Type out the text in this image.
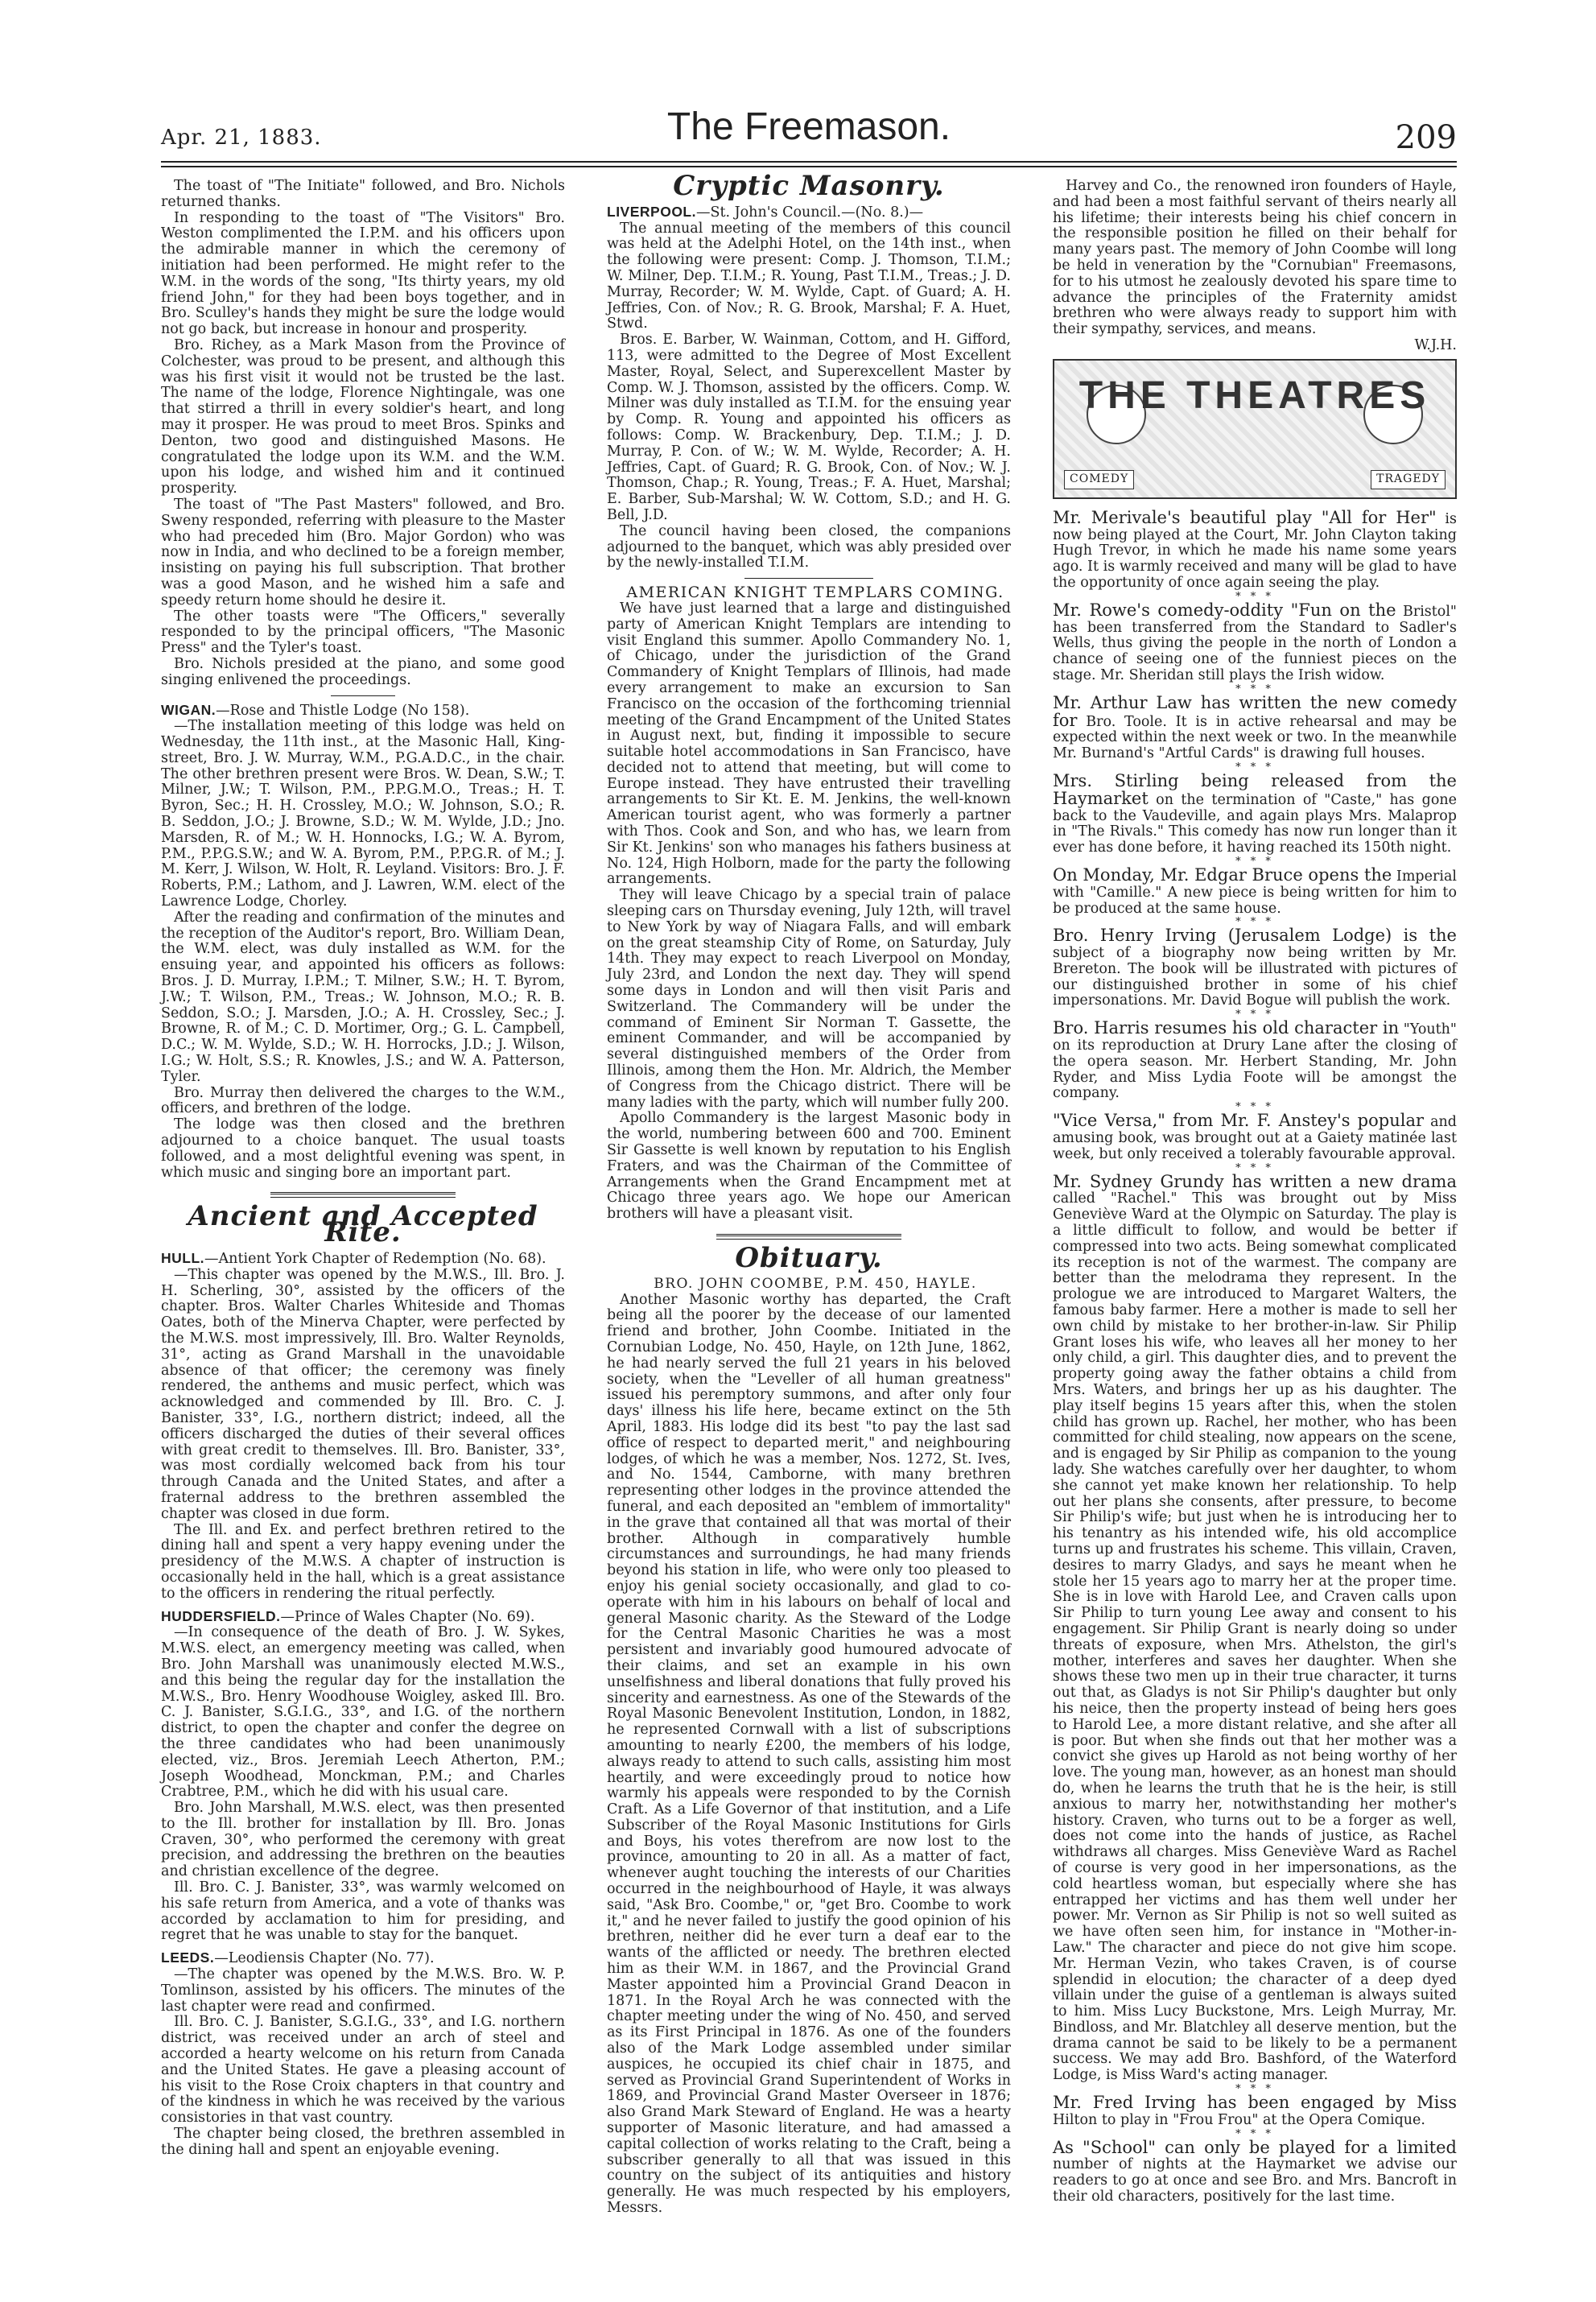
Apr. 21, 1883.	The Freemason.	209

The toast of "The Initiate" followed, and Bro. Nichols returned thanks.

In responding to the toast of "The Visitors" Bro. Weston complimented the I.P.M. and his officers upon the admirable manner in which the ceremony of initiation had been performed. He might refer to the W.M. in the words of the song, "Its thirty years, my old friend John," for they had been boys together, and in Bro. Sculley's hands they might be sure the lodge would not go back, but increase in honour and prosperity.

Bro. Richey, as a Mark Mason from the Province of Colchester, was proud to be present, and although this was his first visit it would not be trusted be the last. The name of the lodge, Florence Nightingale, was one that stirred a thrill in every soldier's heart, and long may it prosper. He was proud to meet Bros. Spinks and Denton, two good and distinguished Masons. He congratulated the lodge upon its W.M. and the W.M. upon his lodge, and wished him and it continued prosperity.

The toast of "The Past Masters" followed, and Bro. Sweny responded, referring with pleasure to the Master who had preceded him (Bro. Major Gordon) who was now in India, and who declined to be a foreign member, insisting on paying his full subscription. That brother was a good Mason, and he wished him a safe and speedy return home should he desire it.

The other toasts were "The Officers," severally responded to by the principal officers, "The Masonic Press" and the Tyler's toast.

Bro. Nichols presided at the piano, and some good singing enlivened the proceedings.

WIGAN.—Rose and Thistle Lodge (No 158).

—The installation meeting of this lodge was held on Wednesday, the 11th inst., at the Masonic Hall, King-street, Bro. J. W. Murray, W.M., P.G.A.D.C., in the chair. The other brethren present were Bros. W. Dean, S.W.; T. Milner, J.W.; T. Wilson, P.M., P.P.G.M.O., Treas.; H. T. Byron, Sec.; H. H. Crossley, M.O.; W. Johnson, S.O.; R. B. Seddon, J.O.; J. Browne, S.D.; W. M. Wylde, J.D.; Jno. Marsden, R. of M.; W. H. Honnocks, I.G.; W. A. Byrom, P.M., P.P.G.S.W.; and W. A. Byrom, P.M., P.P.G.R. of M.; J. M. Kerr, J. Wilson, W. Holt, R. Leyland. Visitors: Bro. J. F. Roberts, P.M.; Lathom, and J. Lawren, W.M. elect of the Lawrence Lodge, Chorley.

After the reading and confirmation of the minutes and the reception of the Auditor's report, Bro. William Dean, the W.M. elect, was duly installed as W.M. for the ensuing year, and appointed his officers as follows: Bros. J. D. Murray, I.P.M.; T. Milner, S.W.; H. T. Byrom, J.W.; T. Wilson, P.M., Treas.; W. Johnson, M.O.; R. B. Seddon, S.O.; J. Marsden, J.O.; A. H. Crossley, Sec.; J. Browne, R. of M.; C. D. Mortimer, Org.; G. L. Campbell, D.C.; W. M. Wylde, S.D.; W. H. Horrocks, J.D.; J. Wilson, I.G.; W. Holt, S.S.; R. Knowles, J.S.; and W. A. Patterson, Tyler.

Bro. Murray then delivered the charges to the W.M., officers, and brethren of the lodge.

The lodge was then closed and the brethren adjourned to a choice banquet. The usual toasts followed, and a most delightful evening was spent, in which music and singing bore an important part.

Ancient and Accepted Rite.

HULL.—Antient York Chapter of Redemption (No. 68).

—This chapter was opened by the M.W.S., Ill. Bro. J. H. Scherling, 30°, assisted by the officers of the chapter. Bros. Walter Charles Whiteside and Thomas Oates, both of the Minerva Chapter, were perfected by the M.W.S. most impressively, Ill. Bro. Walter Reynolds, 31°, acting as Grand Marshall in the unavoidable absence of that officer; the ceremony was finely rendered, the anthems and music perfect, which was acknowledged and commended by Ill. Bro. C. J. Banister, 33°, I.G., northern district; indeed, all the officers discharged the duties of their several offices with great credit to themselves. Ill. Bro. Banister, 33°, was most cordially welcomed back from his tour through Canada and the United States, and after a fraternal address to the brethren assembled the chapter was closed in due form.

The Ill. and Ex. and perfect brethren retired to the dining hall and spent a very happy evening under the presidency of the M.W.S. A chapter of instruction is occasionally held in the hall, which is a great assistance to the officers in rendering the ritual perfectly.

HUDDERSFIELD.—Prince of Wales Chapter (No. 69).

—In consequence of the death of Bro. J. W. Sykes, M.W.S. elect, an emergency meeting was called, when Bro. John Marshall was unanimously elected M.W.S., and this being the regular day for the installation the M.W.S., Bro. Henry Woodhouse Woigley, asked Ill. Bro. C. J. Banister, S.G.I.G., 33°, and I.G. of the northern district, to open the chapter and confer the degree on the three candidates who had been unanimously elected, viz., Bros. Jeremiah Leech Atherton, P.M.; Joseph Woodhead, Monckman, P.M.; and Charles Crabtree, P.M., which he did with his usual care.

Bro. John Marshall, M.W.S. elect, was then presented to the Ill. brother for installation by Ill. Bro. Jonas Craven, 30°, who performed the ceremony with great precision, and addressing the brethren on the beauties and christian excellence of the degree.

Ill. Bro. C. J. Banister, 33°, was warmly welcomed on his safe return from America, and a vote of thanks was accorded by acclamation to him for presiding, and regret that he was unable to stay for the banquet.

LEEDS.—Leodiensis Chapter (No. 77).

—The chapter was opened by the M.W.S. Bro. W. P. Tomlinson, assisted by his officers. The minutes of the last chapter were read and confirmed.

Ill. Bro. C. J. Banister, S.G.I.G., 33°, and I.G. northern district, was received under an arch of steel and accorded a hearty welcome on his return from Canada and the United States. He gave a pleasing account of his visit to the Rose Croix chapters in that country and of the kindness in which he was received by the various consistories in that vast country.

The chapter being closed, the brethren assembled in the dining hall and spent an enjoyable evening.

Cryptic Masonry.

LIVERPOOL.—St. John's Council.—(No. 8.)—

The annual meeting of the members of this council was held at the Adelphi Hotel, on the 14th inst., when the following were present: Comp. J. Thomson, T.I.M.; W. Milner, Dep. T.I.M.; R. Young, Past T.I.M., Treas.; J. D. Murray, Recorder; W. M. Wylde, Capt. of Guard; A. H. Jeffries, Con. of Nov.; R. G. Brook, Marshal; F. A. Huet, Stwd.

Bros. E. Barber, W. Wainman, Cottom, and H. Gifford, 113, were admitted to the Degree of Most Excellent Master, Royal, Select, and Superexcellent Master by Comp. W. J. Thomson, assisted by the officers. Comp. W. Milner was duly installed as T.I.M. for the ensuing year by Comp. R. Young and appointed his officers as follows: Comp. W. Brackenbury, Dep. T.I.M.; J. D. Murray, P. Con. of W.; W. M. Wylde, Recorder; A. H. Jeffries, Capt. of Guard; R. G. Brook, Con. of Nov.; W. J. Thomson, Chap.; R. Young, Treas.; F. A. Huet, Marshal; E. Barber, Sub-Marshal; W. W. Cottom, S.D.; and H. G. Bell, J.D.

The council having been closed, the companions adjourned to the banquet, which was ably presided over by the newly-installed T.I.M.

AMERICAN KNIGHT TEMPLARS COMING.

We have just learned that a large and distinguished party of American Knight Templars are intending to visit England this summer. Apollo Commandery No. 1, of Chicago, under the jurisdiction of the Grand Commandery of Knight Templars of Illinois, had made every arrangement to make an excursion to San Francisco on the occasion of the forthcoming triennial meeting of the Grand Encampment of the United States in August next, but, finding it impossible to secure suitable hotel accommodations in San Francisco, have decided not to attend that meeting, but will come to Europe instead. They have entrusted their travelling arrangements to Sir Kt. E. M. Jenkins, the well-known American tourist agent, who was formerly a partner with Thos. Cook and Son, and who has, we learn from Sir Kt. Jenkins' son who manages his fathers business at No. 124, High Holborn, made for the party the following arrangements.

They will leave Chicago by a special train of palace sleeping cars on Thursday evening, July 12th, will travel to New York by way of Niagara Falls, and will embark on the great steamship City of Rome, on Saturday, July 14th. They may expect to reach Liverpool on Monday, July 23rd, and London the next day. They will spend some days in London and will then visit Paris and Switzerland. The Commandery will be under the command of Eminent Sir Norman T. Gassette, the eminent Commander, and will be accompanied by several distinguished members of the Order from Illinois, among them the Hon. Mr. Aldrich, the Member of Congress from the Chicago district. There will be many ladies with the party, which will number fully 200.

Apollo Commandery is the largest Masonic body in the world, numbering between 600 and 700. Eminent Sir Gassette is well known by reputation to his English Fraters, and was the Chairman of the Committee of Arrangements when the Grand Encampment met at Chicago three years ago. We hope our American brothers will have a pleasant visit.

Obituary.

BRO. JOHN COOMBE, P.M. 450, HAYLE.

Another Masonic worthy has departed, the Craft being all the poorer by the decease of our lamented friend and brother, John Coombe. Initiated in the Cornubian Lodge, No. 450, Hayle, on 12th June, 1862, he had nearly served the full 21 years in his beloved society, when the "Leveller of all human greatness" issued his peremptory summons, and after only four days' illness his life here, became extinct on the 5th April, 1883. His lodge did its best "to pay the last sad office of respect to departed merit," and neighbouring lodges, of which he was a member, Nos. 1272, St. Ives, and No. 1544, Camborne, with many brethren representing other lodges in the province attended the funeral, and each deposited an "emblem of immortality" in the grave that contained all that was mortal of their brother. Although in comparatively humble circumstances and surroundings, he had many friends beyond his station in life, who were only too pleased to enjoy his genial society occasionally, and glad to co-operate with him in his labours on behalf of local and general Masonic charity. As the Steward of the Lodge for the Central Masonic Charities he was a most persistent and invariably good humoured advocate of their claims, and set an example in his own unselfishness and liberal donations that fully proved his sincerity and earnestness. As one of the Stewards of the Royal Masonic Benevolent Institution, London, in 1882, he represented Cornwall with a list of subscriptions amounting to nearly £200, the members of his lodge, always ready to attend to such calls, assisting him most heartily, and were exceedingly proud to notice how warmly his appeals were responded to by the Cornish Craft. As a Life Governor of that institution, and a Life Subscriber of the Royal Masonic Institutions for Girls and Boys, his votes therefrom are now lost to the province, amounting to 20 in all. As a matter of fact, whenever aught touching the interests of our Charities occurred in the neighbourhood of Hayle, it was always said, "Ask Bro. Coombe," or, "get Bro. Coombe to work it," and he never failed to justify the good opinion of his brethren, neither did he ever turn a deaf ear to the wants of the afflicted or needy. The brethren elected him as their W.M. in 1867, and the Provincial Grand Master appointed him a Provincial Grand Deacon in 1871. In the Royal Arch he was connected with the chapter meeting under the wing of No. 450, and served as its First Principal in 1876. As one of the founders also of the Mark Lodge assembled under similar auspices, he occupied its chief chair in 1875, and served as Provincial Grand Superintendent of Works in 1869, and Provincial Grand Master Overseer in 1876; also Grand Mark Steward of England. He was a hearty supporter of Masonic literature, and had amassed a capital collection of works relating to the Craft, being a subscriber generally to all that was issued in this country on the subject of its antiquities and history generally. He was much respected by his employers, Messrs.

Harvey and Co., the renowned iron founders of Hayle, and had been a most faithful servant of theirs nearly all his lifetime; their interests being his chief concern in the responsible position he filled on their behalf for many years past. The memory of John Coombe will long be held in veneration by the "Cornubian" Freemasons, for to his utmost he zealously devoted his spare time to advance the principles of the Fraternity amidst brethren who were always ready to support him with their sympathy, services, and means.

W.J.H.

THE THEATRES
COMEDY	TRAGEDY

Mr. Merivale's beautiful play "All for Her" is now being played at the Court, Mr. John Clayton taking Hugh Trevor, in which he made his name some years ago. It is warmly received and many will be glad to have the opportunity of once again seeing the play.

* * *

Mr. Rowe's comedy-oddity "Fun on the Bristol" has been transferred from the Standard to Sadler's Wells, thus giving the people in the north of London a chance of seeing one of the funniest pieces on the stage. Mr. Sheridan still plays the Irish widow.

* * *

Mr. Arthur Law has written the new comedy for Bro. Toole. It is in active rehearsal and may be expected within the next week or two. In the meanwhile Mr. Burnand's "Artful Cards" is drawing full houses.

* * *

Mrs. Stirling being released from the Haymarket on the termination of "Caste," has gone back to the Vaudeville, and again plays Mrs. Malaprop in "The Rivals." This comedy has now run longer than it ever has done before, it having reached its 150th night.

* * *

On Monday, Mr. Edgar Bruce opens the Imperial with "Camille." A new piece is being written for him to be produced at the same house.

* * *

Bro. Henry Irving (Jerusalem Lodge) is the subject of a biography now being written by Mr. Brereton. The book will be illustrated with pictures of our distinguished brother in some of his chief impersonations. Mr. David Bogue will publish the work.

* * *

Bro. Harris resumes his old character in "Youth" on its reproduction at Drury Lane after the closing of the opera season. Mr. Herbert Standing, Mr. John Ryder, and Miss Lydia Foote will be amongst the company.

* * *

"Vice Versa," from Mr. F. Anstey's popular and amusing book, was brought out at a Gaiety matinée last week, but only received a tolerably favourable approval.

* * *

Mr. Sydney Grundy has written a new drama called "Rachel." This was brought out by Miss Geneviève Ward at the Olympic on Saturday. The play is a little difficult to follow, and would be better if compressed into two acts. Being somewhat complicated its reception is not of the warmest. The company are better than the melodrama they represent. In the prologue we are introduced to Margaret Walters, the famous baby farmer. Here a mother is made to sell her own child by mistake to her brother-in-law. Sir Philip Grant loses his wife, who leaves all her money to her only child, a girl. This daughter dies, and to prevent the property going away the father obtains a child from Mrs. Waters, and brings her up as his daughter. The play itself begins 15 years after this, when the stolen child has grown up. Rachel, her mother, who has been committed for child stealing, now appears on the scene, and is engaged by Sir Philip as companion to the young lady. She watches carefully over her daughter, to whom she cannot yet make known her relationship. To help out her plans she consents, after pressure, to become Sir Philip's wife; but just when he is introducing her to his tenantry as his intended wife, his old accomplice turns up and frustrates his scheme. This villain, Craven, desires to marry Gladys, and says he meant when he stole her 15 years ago to marry her at the proper time. She is in love with Harold Lee, and Craven calls upon Sir Philip to turn young Lee away and consent to his engagement. Sir Philip Grant is nearly doing so under threats of exposure, when Mrs. Athelston, the girl's mother, interferes and saves her daughter. When she shows these two men up in their true character, it turns out that, as Gladys is not Sir Philip's daughter but only his neice, then the property instead of being hers goes to Harold Lee, a more distant relative, and she after all is poor. But when she finds out that her mother was a convict she gives up Harold as not being worthy of her love. The young man, however, as an honest man should do, when he learns the truth that he is the heir, is still anxious to marry her, notwithstanding her mother's history. Craven, who turns out to be a forger as well, does not come into the hands of justice, as Rachel withdraws all charges. Miss Geneviève Ward as Rachel of course is very good in her impersonations, as the cold heartless woman, but especially where she has entrapped her victims and has them well under her power. Mr. Vernon as Sir Philip is not so well suited as we have often seen him, for instance in "Mother-in-Law." The character and piece do not give him scope. Mr. Herman Vezin, who takes Craven, is of course splendid in elocution; the character of a deep dyed villain under the guise of a gentleman is always suited to him. Miss Lucy Buckstone, Mrs. Leigh Murray, Mr. Bindloss, and Mr. Blatchley all deserve mention, but the drama cannot be said to be likely to be a permanent success. We may add Bro. Bashford, of the Waterford Lodge, is Miss Ward's acting manager.

* * *

Mr. Fred Irving has been engaged by Miss Hilton to play in "Frou Frou" at the Opera Comique.

* * *

As "School" can only be played for a limited number of nights at the Haymarket we advise our readers to go at once and see Bro. and Mrs. Bancroft in their old characters, positively for the last time.
